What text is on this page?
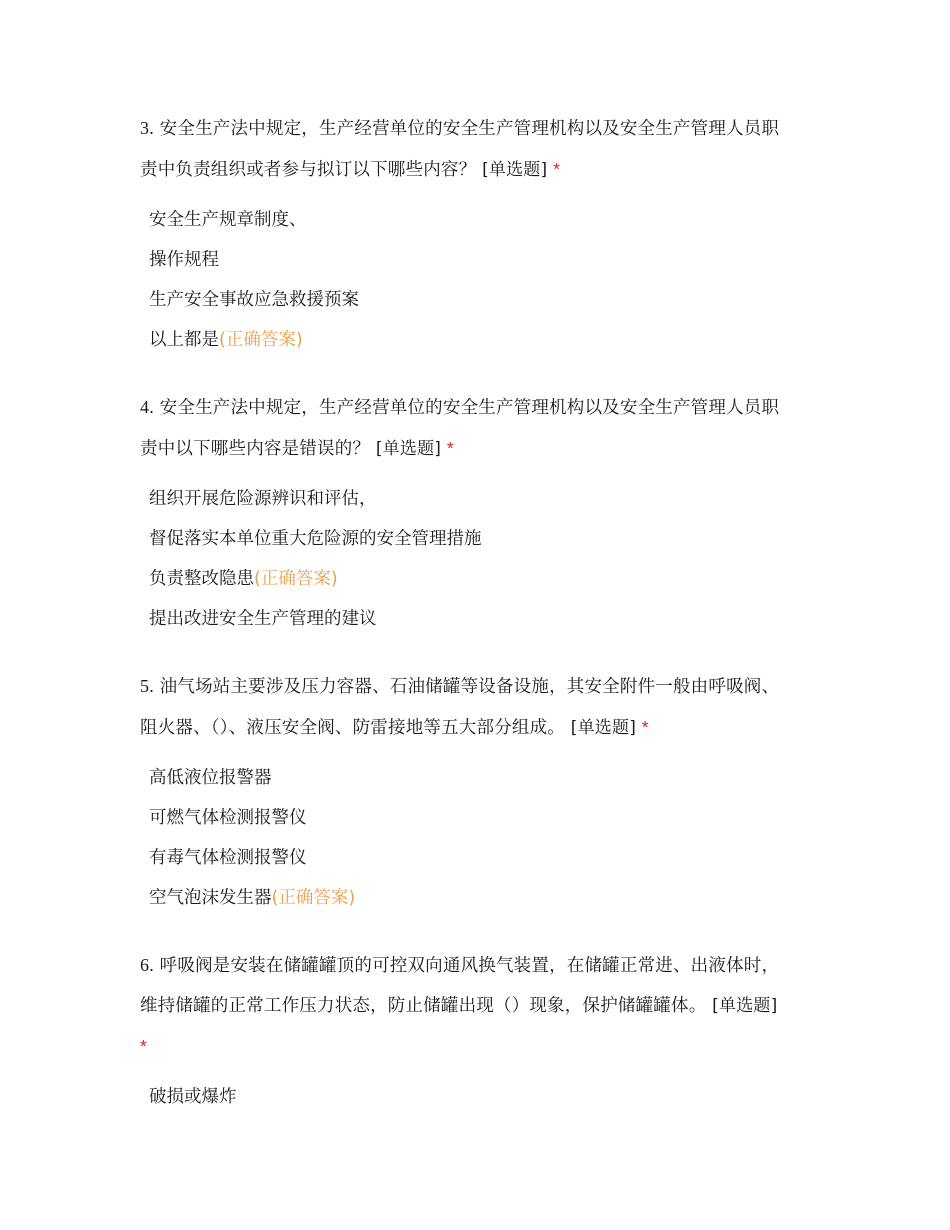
3. 安全生产法中规定，生产经营单位的安全生产管理机构以及安全生产管理人员职
责中负责组织或者参与拟订以下哪些内容？ [单选题] *

安全生产规章制度、
操作规程
生产安全事故应急救援预案
以上都是(正确答案)

4. 安全生产法中规定，生产经营单位的安全生产管理机构以及安全生产管理人员职
责中以下哪些内容是错误的？ [单选题] *

组织开展危险源辨识和评估，
督促落实本单位重大危险源的安全管理措施
负责整改隐患(正确答案)
提出改进安全生产管理的建议

5. 油气场站主要涉及压力容器、石油储罐等设备设施，其安全附件一般由呼吸阀、
阻火器、（）、液压安全阀、防雷接地等五大部分组成。 [单选题] *

高低液位报警器
可燃气体检测报警仪
有毒气体检测报警仪
空气泡沫发生器(正确答案)

6. 呼吸阀是安装在储罐罐顶的可控双向通风换气装置，在储罐正常进、出液体时，
维持储罐的正常工作压力状态，防止储罐出现（）现象，保护储罐罐体。 [单选题]
*

破损或爆炸
